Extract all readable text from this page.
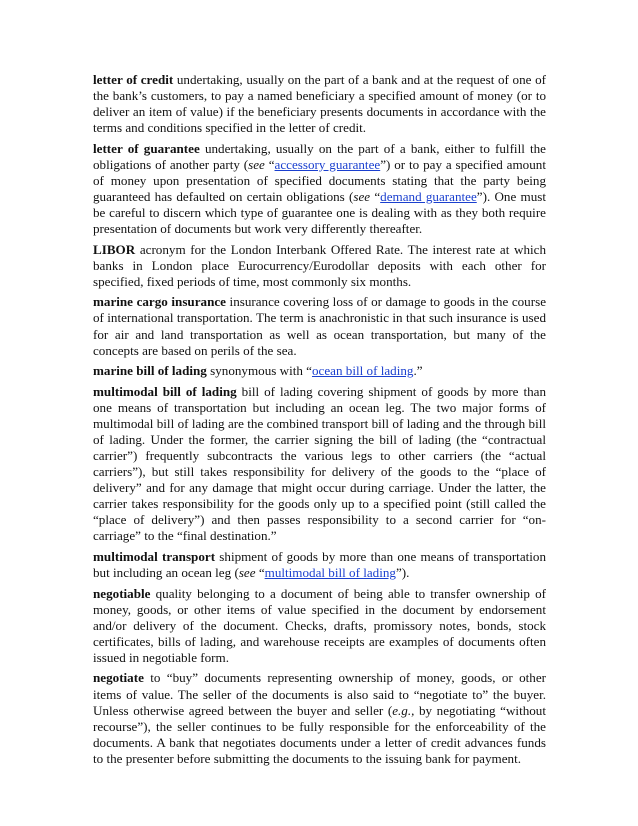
letter of credit undertaking, usually on the part of a bank and at the request of one of the bank’s customers, to pay a named beneficiary a specified amount of money (or to deliver an item of value) if the beneficiary presents documents in accordance with the terms and conditions specified in the letter of credit.

letter of guarantee undertaking, usually on the part of a bank, either to fulfill the obligations of another party (see “accessory guarantee”) or to pay a specified amount of money upon presentation of specified documents stating that the party being guaranteed has defaulted on certain obligations (see “demand guarantee”). One must be careful to discern which type of guarantee one is dealing with as they both require presentation of documents but work very differently thereafter.

LIBOR acronym for the London Interbank Offered Rate. The interest rate at which banks in London place Eurocurrency/Eurodollar deposits with each other for specified, fixed periods of time, most commonly six months.

marine cargo insurance insurance covering loss of or damage to goods in the course of international transportation. The term is anachronistic in that such insurance is used for air and land transportation as well as ocean transportation, but many of the concepts are based on perils of the sea.

marine bill of lading synonymous with “ocean bill of lading.”

multimodal bill of lading bill of lading covering shipment of goods by more than one means of transportation but including an ocean leg. The two major forms of multimodal bill of lading are the combined transport bill of lading and the through bill of lading. Under the former, the carrier signing the bill of lading (the “contractual carrier”) frequently subcontracts the various legs to other carriers (the “actual carriers”), but still takes responsibility for delivery of the goods to the “place of delivery” and for any damage that might occur during carriage. Under the latter, the carrier takes responsibility for the goods only up to a specified point (still called the “place of delivery”) and then passes responsibility to a second carrier for “on-carriage” to the “final destination.”

multimodal transport shipment of goods by more than one means of transportation but including an ocean leg (see “multimodal bill of lading”).

negotiable quality belonging to a document of being able to transfer ownership of money, goods, or other items of value specified in the document by endorsement and/or delivery of the document. Checks, drafts, promissory notes, bonds, stock certificates, bills of lading, and warehouse receipts are examples of documents often issued in negotiable form.

negotiate to “buy” documents representing ownership of money, goods, or other items of value. The seller of the documents is also said to “negotiate to” the buyer. Unless otherwise agreed between the buyer and seller (e.g., by negotiating “without recourse”), the seller continues to be fully responsible for the enforceability of the documents. A bank that negotiates documents under a letter of credit advances funds to the presenter before submitting the documents to the issuing bank for payment.
